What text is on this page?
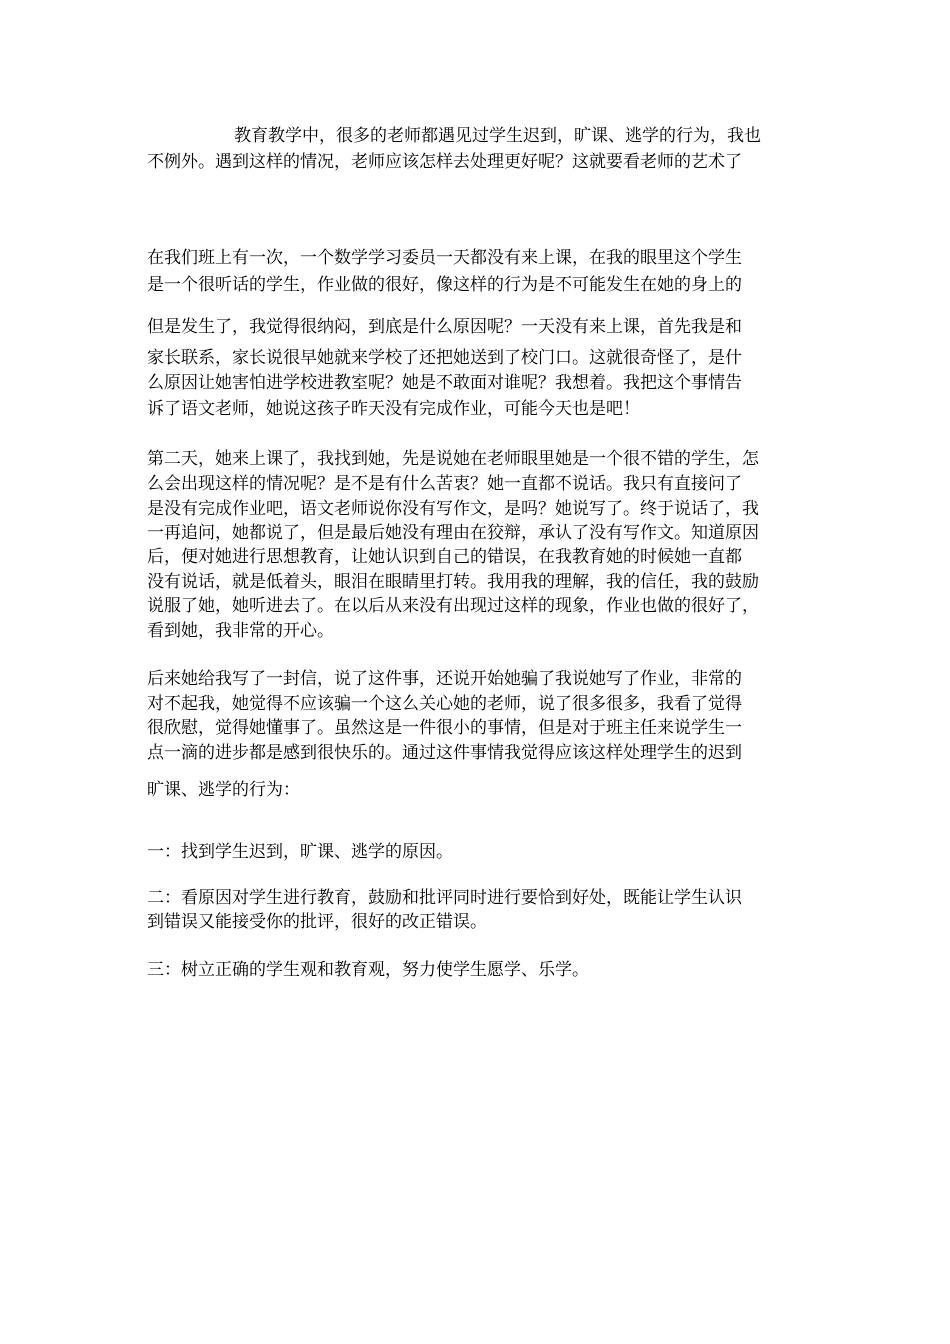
教育教学中，很多的老师都遇见过学生迟到，旷课、逃学的行为，我也

不例外。遇到这样的情况，老师应该怎样去处理更好呢？这就要看老师的艺术了

在我们班上有一次，一个数学学习委员一天都没有来上课，在我的眼里这个学生

是一个很听话的学生，作业做的很好，像这样的行为是不可能发生在她的身上的

但是发生了，我觉得很纳闷，到底是什么原因呢？一天没有来上课，首先我是和

家长联系，家长说很早她就来学校了还把她送到了校门口。这就很奇怪了，是什

么原因让她害怕进学校进教室呢？她是不敢面对谁呢？我想着。我把这个事情告

诉了语文老师，她说这孩子昨天没有完成作业，可能今天也是吧！

第二天，她来上课了，我找到她，先是说她在老师眼里她是一个很不错的学生，怎

么会出现这样的情况呢？是不是有什么苦衷？她一直都不说话。我只有直接问了

是没有完成作业吧，语文老师说你没有写作文，是吗？她说写了。终于说话了，我

一再追问，她都说了，但是最后她没有理由在狡辩，承认了没有写作文。知道原因

后，便对她进行思想教育，让她认识到自己的错误，在我教育她的时候她一直都

没有说话，就是低着头，眼泪在眼睛里打转。我用我的理解，我的信任，我的鼓励

说服了她，她听进去了。在以后从来没有出现过这样的现象，作业也做的很好了，

看到她，我非常的开心。

后来她给我写了一封信，说了这件事，还说开始她骗了我说她写了作业，非常的

对不起我，她觉得不应该骗一个这么关心她的老师，说了很多很多，我看了觉得

很欣慰，觉得她懂事了。虽然这是一件很小的事情，但是对于班主任来说学生一

点一滴的进步都是感到很快乐的。通过这件事情我觉得应该这样处理学生的迟到

旷课、逃学的行为：

一：找到学生迟到，旷课、逃学的原因。

二：看原因对学生进行教育，鼓励和批评同时进行要恰到好处，既能让学生认识

到错误又能接受你的批评，很好的改正错误。

三：树立正确的学生观和教育观，努力使学生愿学、乐学。
